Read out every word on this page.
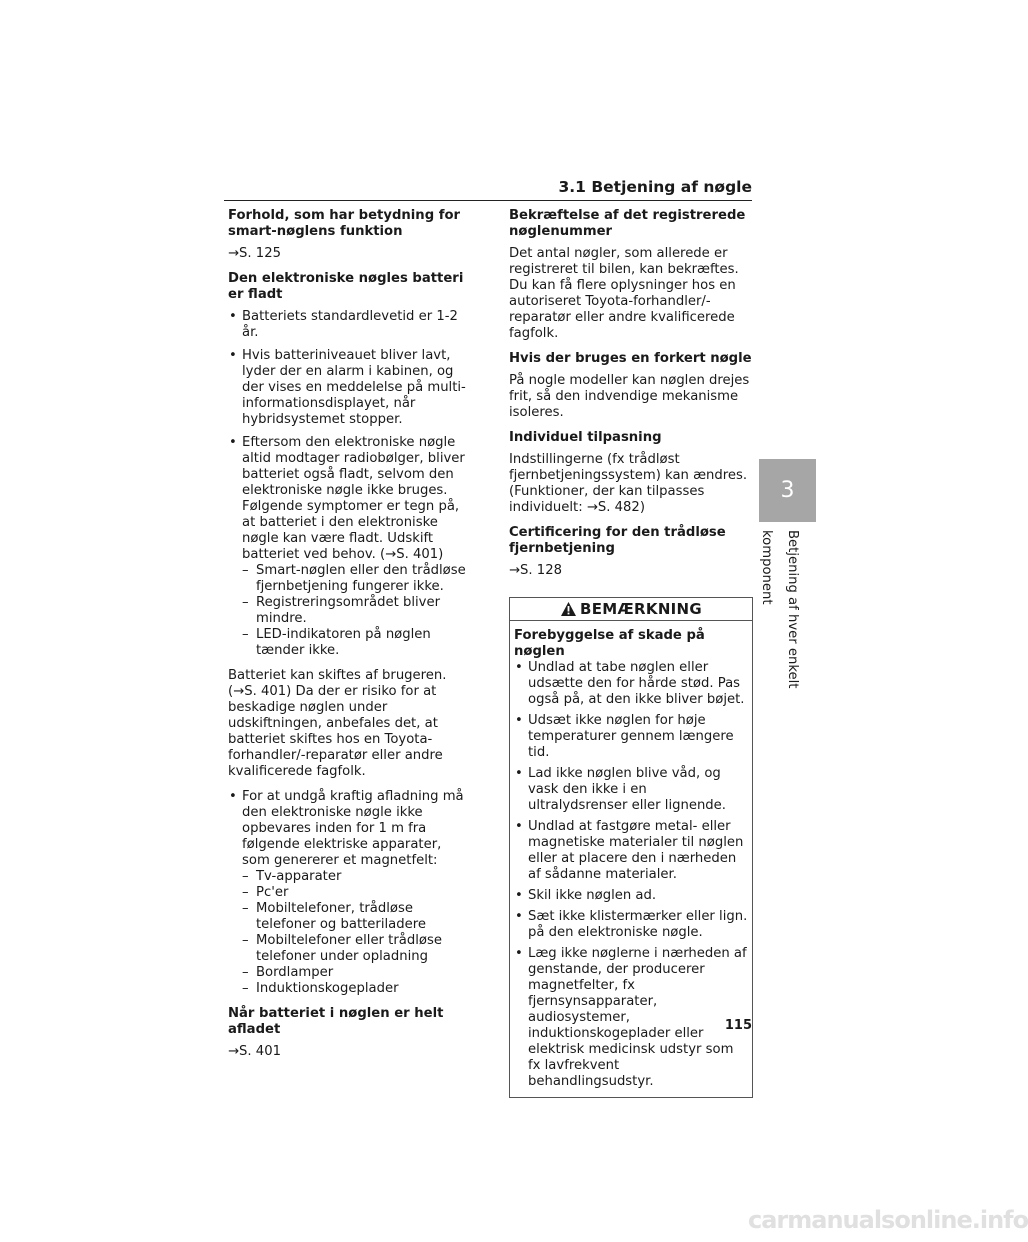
3.1 Betjening af nøgle

Forhold, som har betydning for smart-nøglens funktion

→S. 125

Den elektroniske nøgles batteri er fladt

• Batteriets standardlevetid er 1-2 år.
• Hvis batteriniveauet bliver lavt, lyder der en alarm i kabinen, og der vises en meddelelse på multi-informationsdisplayet, når hybridsystemet stopper.
• Eftersom den elektroniske nøgle altid modtager radiobølger, bliver batteriet også fladt, selvom den elektroniske nøgle ikke bruges. Følgende symptomer er tegn på, at batteriet i den elektroniske nøgle kan være fladt. Udskift batteriet ved behov. (→S. 401)
– Smart-nøglen eller den trådløse fjernbetjening fungerer ikke.
– Registreringsområdet bliver mindre.
– LED-indikatoren på nøglen tænder ikke.

Batteriet kan skiftes af brugeren. (→S. 401) Da der er risiko for at beskadige nøglen under udskiftningen, anbefales det, at batteriet skiftes hos en Toyota-forhandler/-reparatør eller andre kvalificerede fagfolk.

• For at undgå kraftig afladning må den elektroniske nøgle ikke opbevares inden for 1 m fra følgende elektriske apparater, som genererer et magnetfelt:
– Tv-apparater
– Pc'er
– Mobiltelefoner, trådløse telefoner og batteriladere
– Mobiltelefoner eller trådløse telefoner under opladning
– Bordlamper
– Induktionskogeplader

Når batteriet i nøglen er helt afladet

→S. 401

Bekræftelse af det registrerede nøglenummer

Det antal nøgler, som allerede er registreret til bilen, kan bekræftes. Du kan få flere oplysninger hos en autoriseret Toyota-forhandler/-reparatør eller andre kvalificerede fagfolk.

Hvis der bruges en forkert nøgle

På nogle modeller kan nøglen drejes frit, så den indvendige mekanisme isoleres.

Individuel tilpasning

Indstillingerne (fx trådløst fjernbetjeningssystem) kan ændres. (Funktioner, der kan tilpasses individuelt: →S. 482)

Certificering for den trådløse fjernbetjening

→S. 128

BEMÆRKNING

Forebyggelse af skade på nøglen

• Undlad at tabe nøglen eller udsætte den for hårde stød. Pas også på, at den ikke bliver bøjet.
• Udsæt ikke nøglen for høje temperaturer gennem længere tid.
• Lad ikke nøglen blive våd, og vask den ikke i en ultralydsrenser eller lignende.
• Undlad at fastgøre metal- eller magnetiske materialer til nøglen eller at placere den i nærheden af sådanne materialer.
• Skil ikke nøglen ad.
• Sæt ikke klistermærker eller lign. på den elektroniske nøgle.
• Læg ikke nøglerne i nærheden af genstande, der producerer magnetfelter, fx fjernsynsapparater, audiosystemer, induktionskogeplader eller elektrisk medicinsk udstyr som fx lavfrekvent behandlingsudstyr.
3
Betjening af hver enkelt komponent
115
carmanualsonline.info
